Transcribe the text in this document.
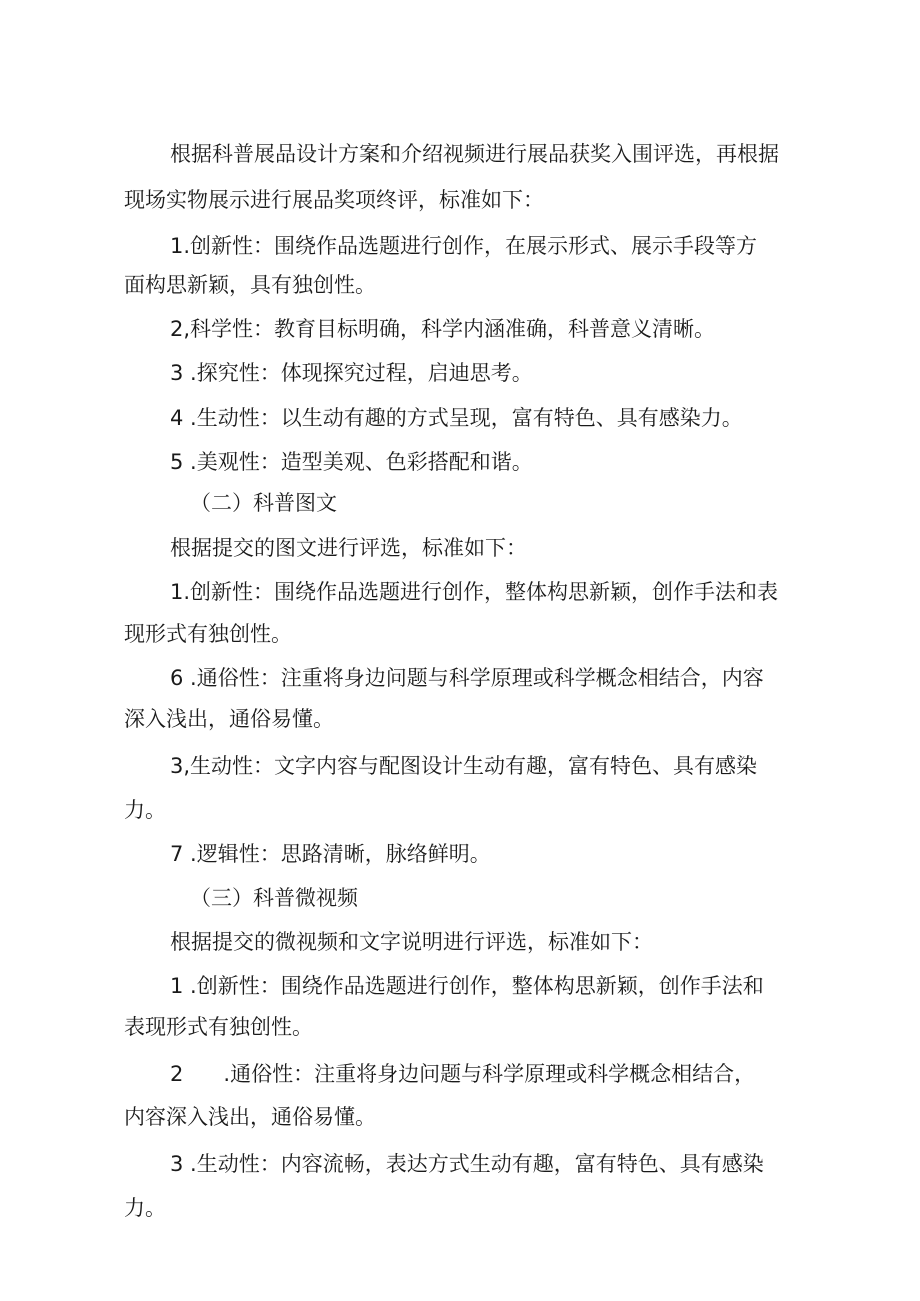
根据科普展品设计方案和介绍视频进行展品获奖入围评选，再根据

现场实物展示进行展品奖项终评，标准如下：

1.创新性：围绕作品选题进行创作，在展示形式、展示手段等方

面构思新颖，具有独创性。

2,科学性：教育目标明确，科学内涵准确，科普意义清晰。

3 .探究性：体现探究过程，启迪思考。

4 .生动性：以生动有趣的方式呈现，富有特色、具有感染力。

5 .美观性：造型美观、色彩搭配和谐。

（二）科普图文

根据提交的图文进行评选，标准如下：

1.创新性：围绕作品选题进行创作，整体构思新颖，创作手法和表

现形式有独创性。

6 .通俗性：注重将身边问题与科学原理或科学概念相结合，内容

深入浅出，通俗易懂。

3,生动性：文字内容与配图设计生动有趣，富有特色、具有感染

力。

7 .逻辑性：思路清晰，脉络鲜明。

（三）科普微视频

根据提交的微视频和文字说明进行评选，标准如下：

1 .创新性：围绕作品选题进行创作，整体构思新颖，创作手法和

表现形式有独创性。

2      .通俗性：注重将身边问题与科学原理或科学概念相结合，

内容深入浅出，通俗易懂。

3 .生动性：内容流畅，表达方式生动有趣，富有特色、具有感染

力。
